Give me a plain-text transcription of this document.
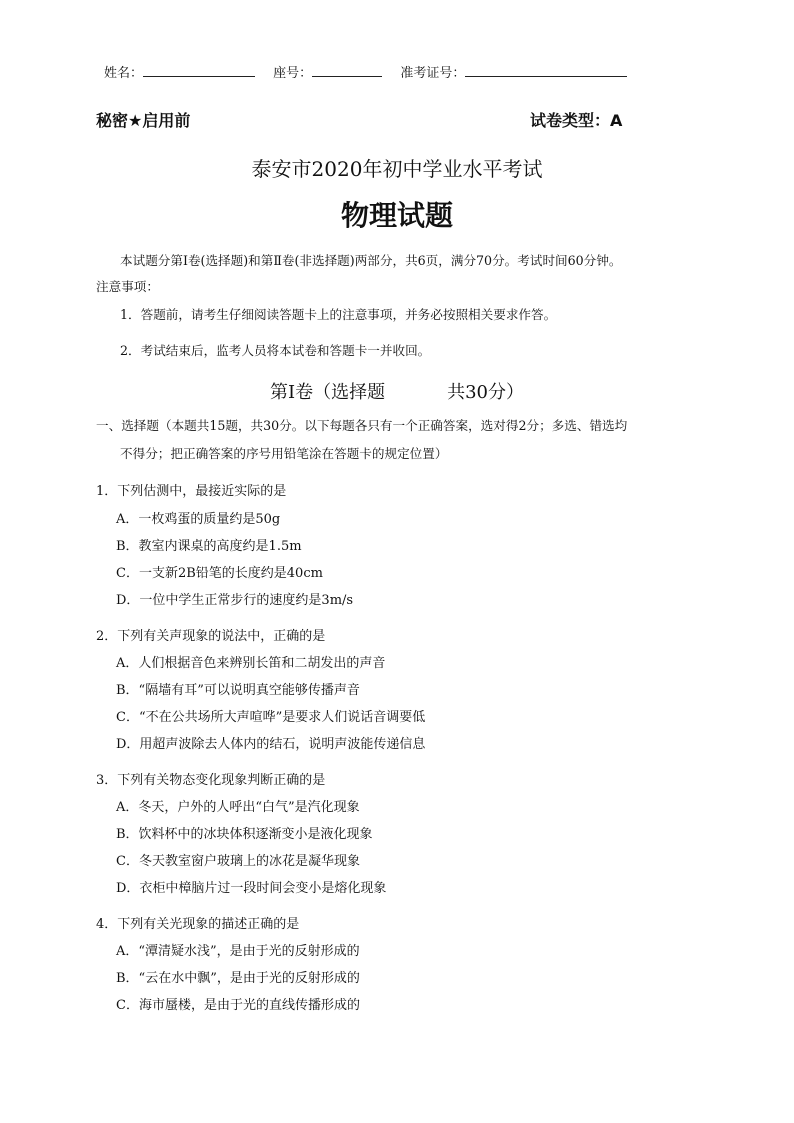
姓名：	座号：	准考证号：
秘密★启用前	试卷类型：A
泰安市2020年初中学业水平考试
物理试题
本试题分第Ⅰ卷(选择题)和第Ⅱ卷(非选择题)两部分，共6页，满分70分。考试时间60分钟。
注意事项：
1．答题前，请考生仔细阅读答题卡上的注意事项，并务必按照相关要求作答。
2．考试结束后，监考人员将本试卷和答题卡一并收回。
第Ⅰ卷（选择题	共30分）
一、选择题（本题共15题，共30分。以下每题各只有一个正确答案，选对得2分；多选、错选均
不得分；把正确答案的序号用铅笔涂在答题卡的规定位置）
1．下列估测中，最接近实际的是
A．一枚鸡蛋的质量约是50g
B．教室内课桌的高度约是1.5m
C．一支新2B铅笔的长度约是40cm
D．一位中学生正常步行的速度约是3m/s
2．下列有关声现象的说法中，正确的是
A．人们根据音色来辨别长笛和二胡发出的声音
B．“隔墙有耳”可以说明真空能够传播声音
C．“不在公共场所大声喧哗”是要求人们说话音调要低
D．用超声波除去人体内的结石，说明声波能传递信息
3．下列有关物态变化现象判断正确的是
A．冬天，户外的人呼出“白气”是汽化现象
B．饮料杯中的冰块体积逐渐变小是液化现象
C．冬天教室窗户玻璃上的冰花是凝华现象
D．衣柜中樟脑片过一段时间会变小是熔化现象
4．下列有关光现象的描述正确的是
A．“潭清疑水浅”，是由于光的反射形成的
B．“云在水中飘”，是由于光的反射形成的
C．海市蜃楼，是由于光的直线传播形成的
